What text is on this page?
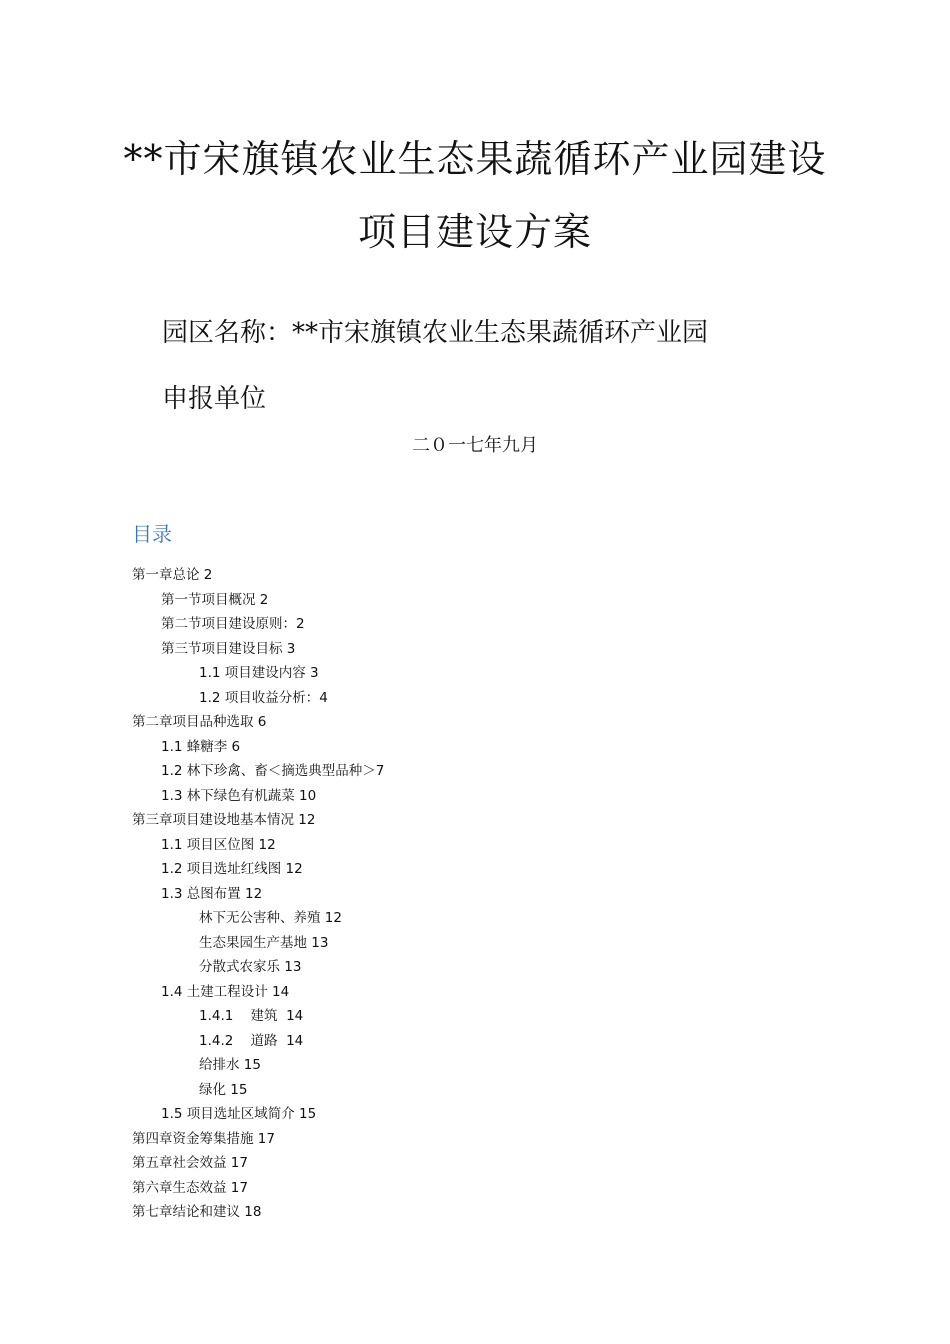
**市宋旗镇农业生态果蔬循环产业园建设
项目建设方案
园区名称：**市宋旗镇农业生态果蔬循环产业园
申报单位
二０一七年九月
目录
第一章总论 2
第一节项目概况 2
第二节项目建设原则：2
第三节项目建设目标 3
1.1 项目建设内容 3
1.2 项目收益分析：4
第二章项目品种选取 6
1.1 蜂糖李 6
1.2 林下珍禽、畜＜摘选典型品种＞7
1.3 林下绿色有机蔬菜 10
第三章项目建设地基本情况 12
1.1 项目区位图 12
1.2 项目选址红线图 12
1.3 总图布置 12
林下无公害种、养殖 12
生态果园生产基地 13
分散式农家乐 13
1.4 土建工程设计 14
1.4.1    建筑  14
1.4.2    道路  14
给排水 15
绿化 15
1.5 项目选址区域简介 15
第四章资金筹集措施 17
第五章社会效益 17
第六章生态效益 17
第七章结论和建议 18
